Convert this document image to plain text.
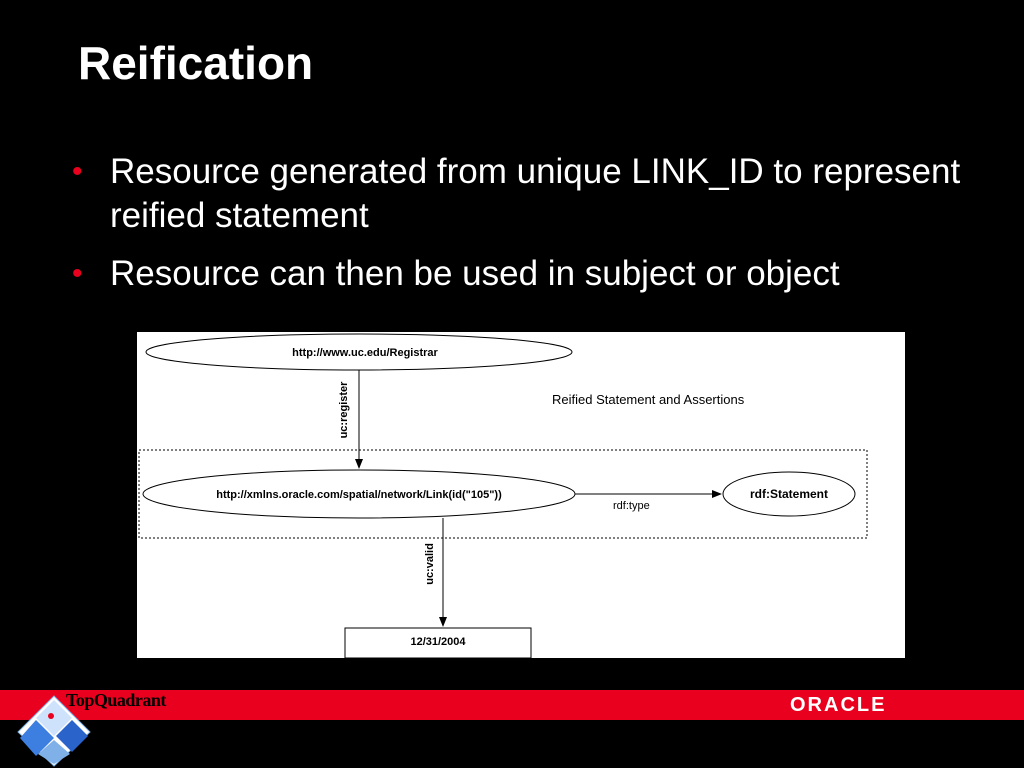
Reification
• Resource generated from unique LINK_ID to represent reified statement
• Resource can then be used in subject or object
http://www.uc.edu/Registrar
uc:register	Reified Statement and Assertions
http://xmlns.oracle.com/spatial/network/Link(id("105"))
rdf:type
rdf:Statement
uc:valid
12/31/2004
TopQuadrant	ORACLE
